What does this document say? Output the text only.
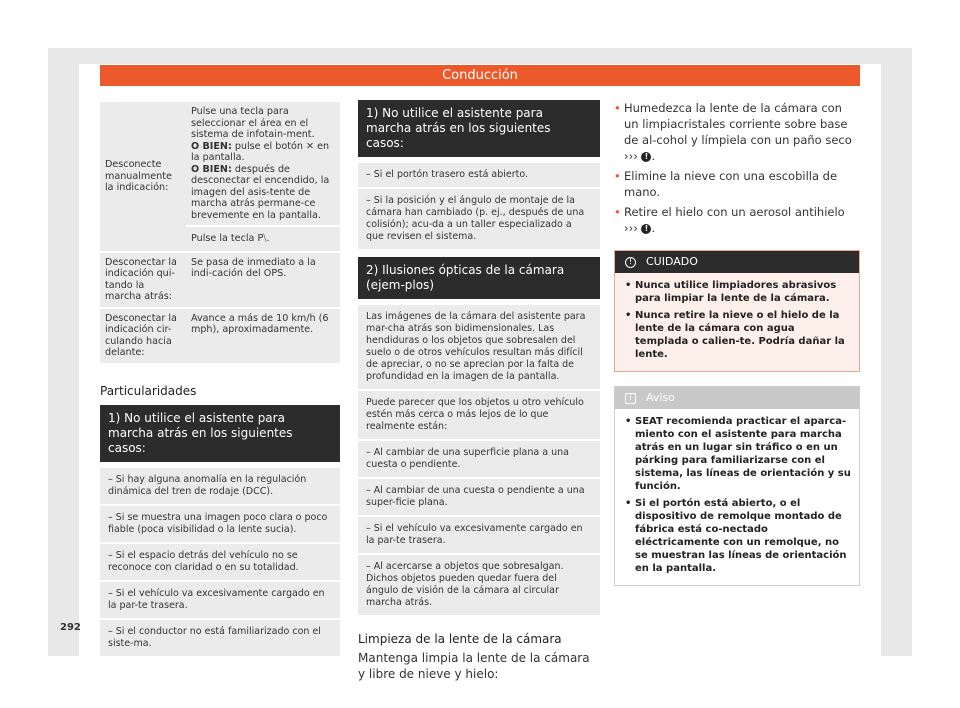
Conducción
Desconecte manualmente la indicación:	Pulse una tecla para seleccionar el área en el sistema de infotain-ment.
O BIEN: pulse el botón ✕ en la pantalla.
O BIEN: después de desconectar el encendido, la imagen del asis-tente de marcha atrás permane-ce brevemente en la pantalla.
Pulse la tecla P⧹.

Desconectar la indicación qui-tando la marcha atrás:	Se pasa de inmediato a la indi-cación del OPS.
Desconectar la indicación cir-culando hacia delante:	Avance a más de 10 km/h (6 mph), aproximadamente.
Particularidades
1) No utilice el asistente para marcha atrás en los siguientes casos:
– Si hay alguna anomalía en la regulación dinámica del tren de rodaje (DCC).
– Si se muestra una imagen poco clara o poco fiable (poca visibilidad o la lente sucia).
– Si el espacio detrás del vehículo no se reconoce con claridad o en su totalidad.
– Si el vehículo va excesivamente cargado en la par-te trasera.
– Si el conductor no está familiarizado con el siste-ma.
1) No utilice el asistente para marcha atrás en los siguientes casos:
– Si el portón trasero está abierto.
– Si la posición y el ángulo de montaje de la cámara han cambiado (p. ej., después de una colisión); acu-da a un taller especializado a que revisen el sistema.
2) Ilusiones ópticas de la cámara (ejem-plos)
Las imágenes de la cámara del asistente para mar-cha atrás son bidimensionales. Las hendiduras o los objetos que sobresalen del suelo o de otros vehículos resultan más difícil de apreciar, o no se aprecian por la falta de profundidad en la imagen de la pantalla.
Puede parecer que los objetos u otro vehículo estén más cerca o más lejos de lo que realmente están:
– Al cambiar de una superficie plana a una cuesta o pendiente.
– Al cambiar de una cuesta o pendiente a una super-ficie plana.
– Si el vehículo va excesivamente cargado en la par-te trasera.
– Al acercarse a objetos que sobresalgan. Dichos objetos pueden quedar fuera del ángulo de visión de la cámara al circular marcha atrás.
Limpieza de la lente de la cámara
Mantenga limpia la lente de la cámara y libre de nieve y hielo:
• Humedezca la lente de la cámara con un limpiacristales corriente sobre base de al-cohol y límpiela con un paño seco ››› ! .
• Elimine la nieve con una escobilla de mano.
• Retire el hielo con un aerosol antihielo ››› ! .
! CUIDADO
• Nunca utilice limpiadores abrasivos para limpiar la lente de la cámara.
• Nunca retire la nieve o el hielo de la lente de la cámara con agua templada o calien-te. Podría dañar la lente.
i Aviso
• SEAT recomienda practicar el aparca-miento con el asistente para marcha atrás en un lugar sin tráfico o en un párking para familiarizarse con el sistema, las líneas de orientación y su función.
• Si el portón está abierto, o el dispositivo de remolque montado de fábrica está co-nectado eléctricamente con un remolque, no se muestran las líneas de orientación en la pantalla.
292
